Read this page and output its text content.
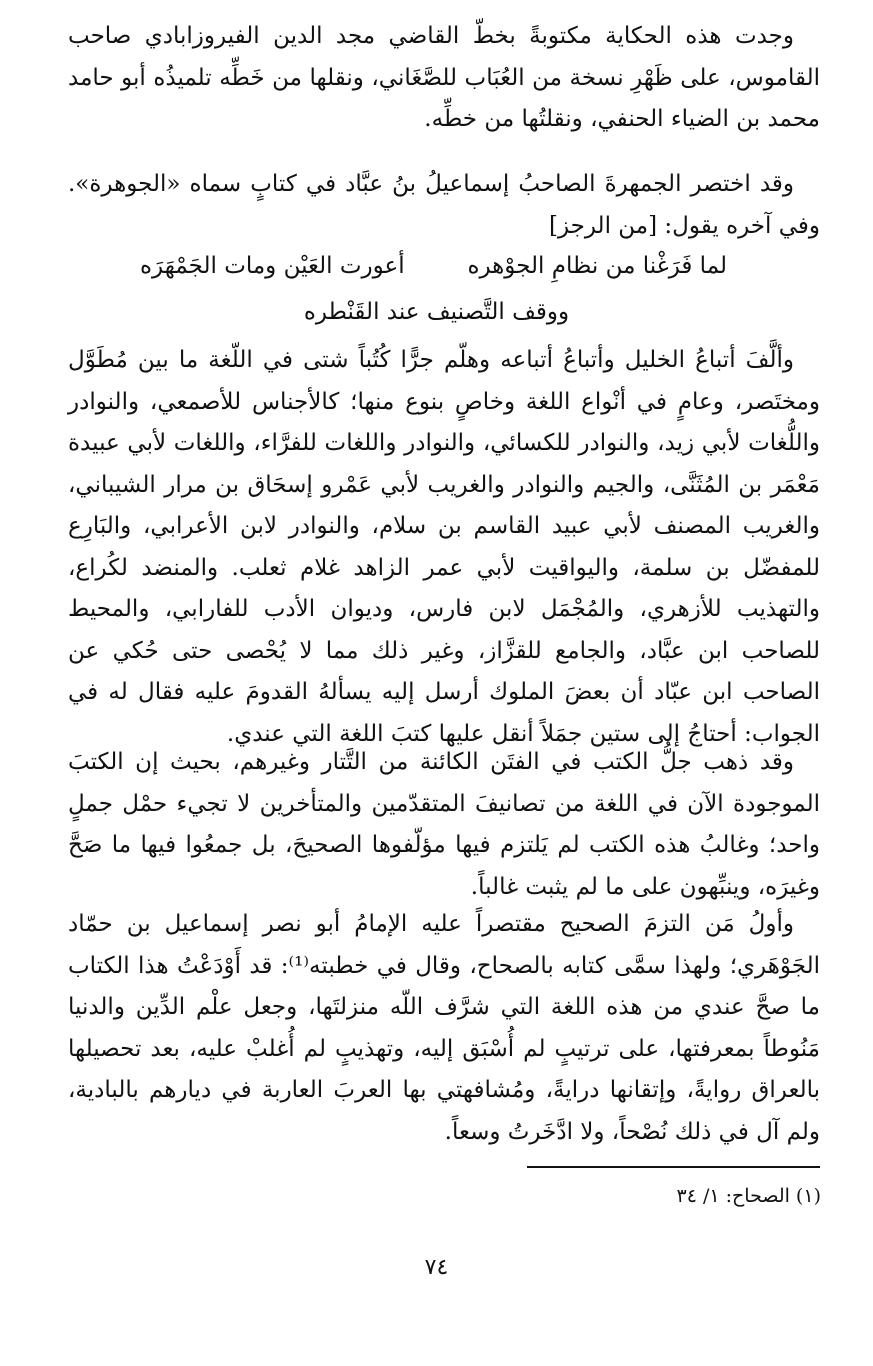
وجدت هذه الحكاية مكتوبةً بخطّ القاضي مجد الدين الفيروزابادي صاحب القاموس، على ظَهْرِ نسخة من العُبَاب للصَّغَاني، ونقلها من خَطِّه تلميذُه أبو حامد محمد بن الضياء الحنفي، ونقلتُها من خطِّه.

وقد اختصر الجمهرةَ الصاحبُ إسماعيلُ بنُ عبَّاد في كتابٍ سماه «الجوهرة». وفي آخره يقول: [من الرجز]

لما فَرَغْنا من نظامِ الجوْهره
أعورت العَيْن ومات الجَمْهَرَه
ووقف التَّصنيف عند القَنْطره

وألَّفَ أتباعُ الخليل وأتباعُ أتباعه وهلّم جرًّا كُتُباً شتى في اللّغة ما بين مُطَوَّل ومختَصر، وعامٍ في أنْواع اللغة وخاصٍ بنوع منها؛ كالأجناس للأصمعي، والنوادر واللُّغات لأبي زيد، والنوادر للكسائي، والنوادر واللغات للفرَّاء، واللغات لأبي عبيدة مَعْمَر بن المُثَنَّى، والجيم والنوادر والغريب لأبي عَمْرو إسحَاق بن مرار الشيباني، والغريب المصنف لأبي عبيد القاسم بن سلام، والنوادر لابن الأعرابي، والبَارِع للمفضّل بن سلمة، واليواقيت لأبي عمر الزاهد غلام ثعلب. والمنضد لكُراع، والتهذيب للأزهري، والمُجْمَل لابن فارس، وديوان الأدب للفارابي، والمحيط للصاحب ابن عبَّاد، والجامع للقزَّاز، وغير ذلك مما لا يُحْصى حتى حُكي عن الصاحب ابن عبّاد أن بعضَ الملوك أرسل إليه يسألهُ القدومَ عليه فقال له في الجواب: أحتاجُ إلى ستين جمَلاً أنقل عليها كتبَ اللغة التي عندي.

وقد ذهب جلُّ الكتب في الفتَن الكائنة من التَّتار وغيرهم، بحيث إن الكتبَ الموجودة الآن في اللغة من تصانيفَ المتقدّمين والمتأخرين لا تجيء حمْل جملٍ واحد؛ وغالبُ هذه الكتب لم يَلتزم فيها مؤلّفوها الصحيحَ، بل جمعُوا فيها ما صَحَّ وغيرَه، وينبِّهون على ما لم يثبت غالباً.

وأولُ مَن التزمَ الصحيح مقتصراً عليه الإمامُ أبو نصر إسماعيل بن حمّاد الجَوْهَري؛ ولهذا سمَّى كتابه بالصحاح، وقال في خطبته⁽¹⁾: قد أَوْدَعْتُ هذا الكتاب ما صحَّ عندي من هذه اللغة التي شرَّف اللّه منزلتَها، وجعل علْم الدِّين والدنيا مَنُوطاً بمعرفتها، على ترتيبٍ لم أُسْبَق إليه، وتهذيبٍ لم أُغلبْ عليه، بعد تحصيلها بالعراق روايةً، وإتقانها درايةً، ومُشافهتي بها العربَ العاربة في ديارهم بالبادية، ولم آل في ذلك نُصْحاً، ولا ادَّخَرتُ وسعاً.

(١) الصحاح: ١/ ٣٤
٧٤
